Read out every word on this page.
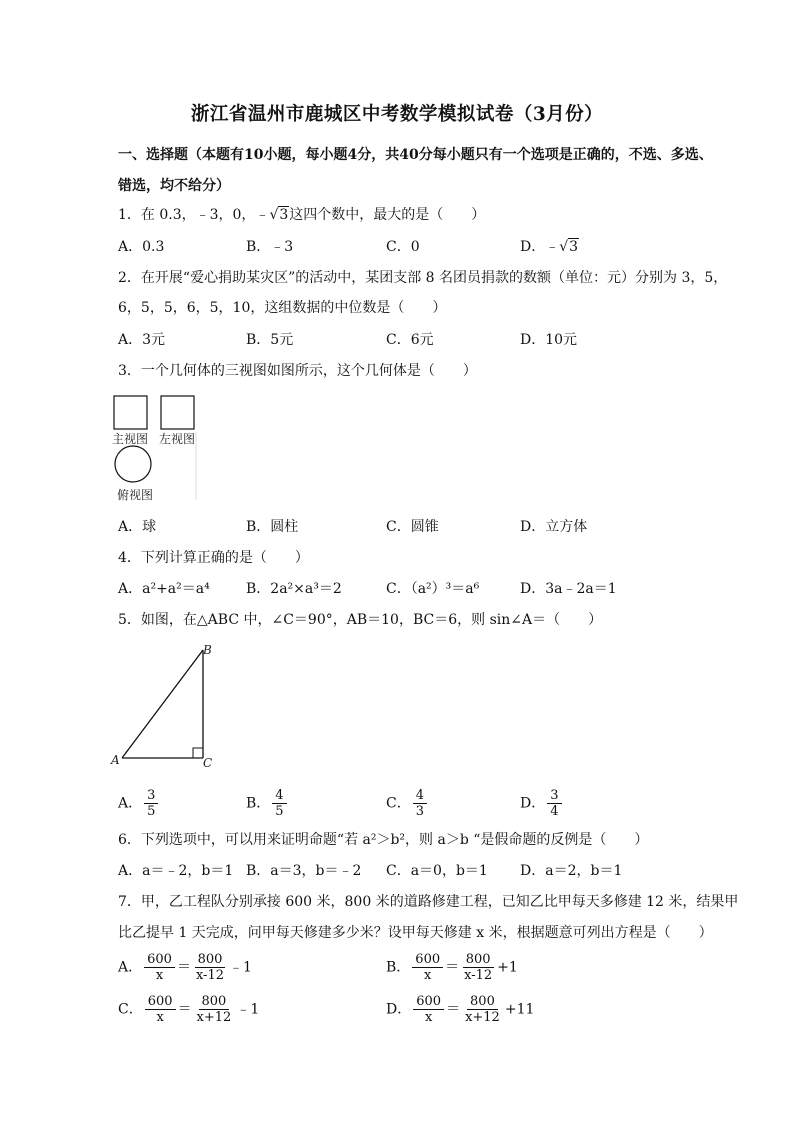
浙江省温州市鹿城区中考数学模拟试卷（3月份）
一、选择题（本题有10小题，每小题4分，共40分每小题只有一个选项是正确的，不选、多选、
错选，均不给分）
1．在 0.3，﹣3，0，﹣√3这四个数中，最大的是（　　）
A．0.3	B．﹣3	C．0	D．﹣√3
2．在开展“爱心捐助某灾区”的活动中，某团支部 8 名团员捐款的数额（单位：元）分别为 3，5，
6，5，5，6，5，10，这组数据的中位数是（　　）
A．3元	B．5元	C．6元	D．10元
3．一个几何体的三视图如图所示，这个几何体是（　　）
主视图 左视图
俯视图
A．球	B．圆柱	C．圆锥	D．立方体
4．下列计算正确的是（　　）
A．a²+a²＝a⁴	B．2a²×a³＝2	C．（a²）³＝a⁶	D．3a﹣2a＝1
5．如图，在△ABC 中，∠C＝90°，AB＝10，BC＝6，则 sin∠A＝（　　）
A
B
C
A． $\frac{3}{5}$	B． $\frac{4}{5}$	C． $\frac{4}{3}$	D． $\frac{3}{4}$
6．下列选项中，可以用来证明命题“若 a²＞b²，则 a＞b “是假命题的反例是（　　）
A．a＝﹣2，b＝1 B．a＝3，b＝﹣2 C．a＝0，b＝1 D．a＝2，b＝1
7．甲，乙工程队分别承接 600 米，800 米的道路修建工程，已知乙比甲每天多修建 12 米，结果甲
比乙提早 1 天完成，问甲每天修建多少米？设甲每天修建 x 米，根据题意可列出方程是（　　）
A． $\frac{600}{x} = \frac{800}{x-12}$ ﹣1	B． $\frac{600}{x} = \frac{800}{x-12} +1$
C． $\frac{600}{x} = \frac{800}{x+12}$ ﹣1	D． $\frac{600}{x} = \frac{800}{x+12} +11$
